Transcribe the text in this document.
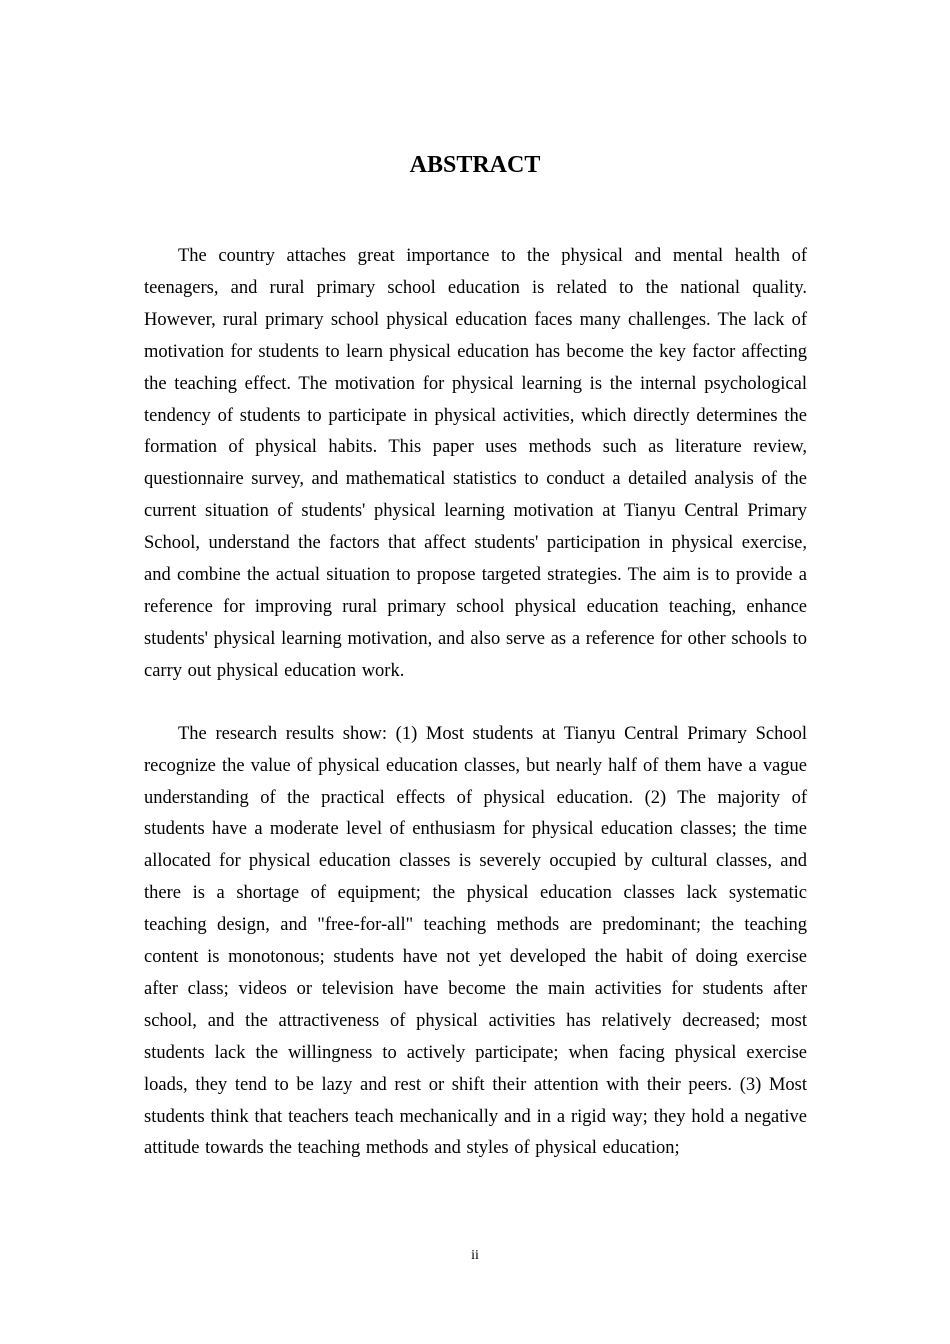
ABSTRACT

The country attaches great importance to the physical and mental health of teenagers, and rural primary school education is related to the national quality. However, rural primary school physical education faces many challenges. The lack of motivation for students to learn physical education has become the key factor affecting the teaching effect. The motivation for physical learning is the internal psychological tendency of students to participate in physical activities, which directly determines the formation of physical habits. This paper uses methods such as literature review, questionnaire survey, and mathematical statistics to conduct a detailed analysis of the current situation of students' physical learning motivation at Tianyu Central Primary School, understand the factors that affect students' participation in physical exercise, and combine the actual situation to propose targeted strategies. The aim is to provide a reference for improving rural primary school physical education teaching, enhance students' physical learning motivation, and also serve as a reference for other schools to carry out physical education work.

The research results show: (1) Most students at Tianyu Central Primary School recognize the value of physical education classes, but nearly half of them have a vague understanding of the practical effects of physical education. (2) The majority of students have a moderate level of enthusiasm for physical education classes; the time allocated for physical education classes is severely occupied by cultural classes, and there is a shortage of equipment; the physical education classes lack systematic teaching design, and "free-for-all" teaching methods are predominant; the teaching content is monotonous; students have not yet developed the habit of doing exercise after class; videos or television have become the main activities for students after school, and the attractiveness of physical activities has relatively decreased; most students lack the willingness to actively participate; when facing physical exercise loads, they tend to be lazy and rest or shift their attention with their peers. (3) Most students think that teachers teach mechanically and in a rigid way; they hold a negative attitude towards the teaching methods and styles of physical education;

ii
